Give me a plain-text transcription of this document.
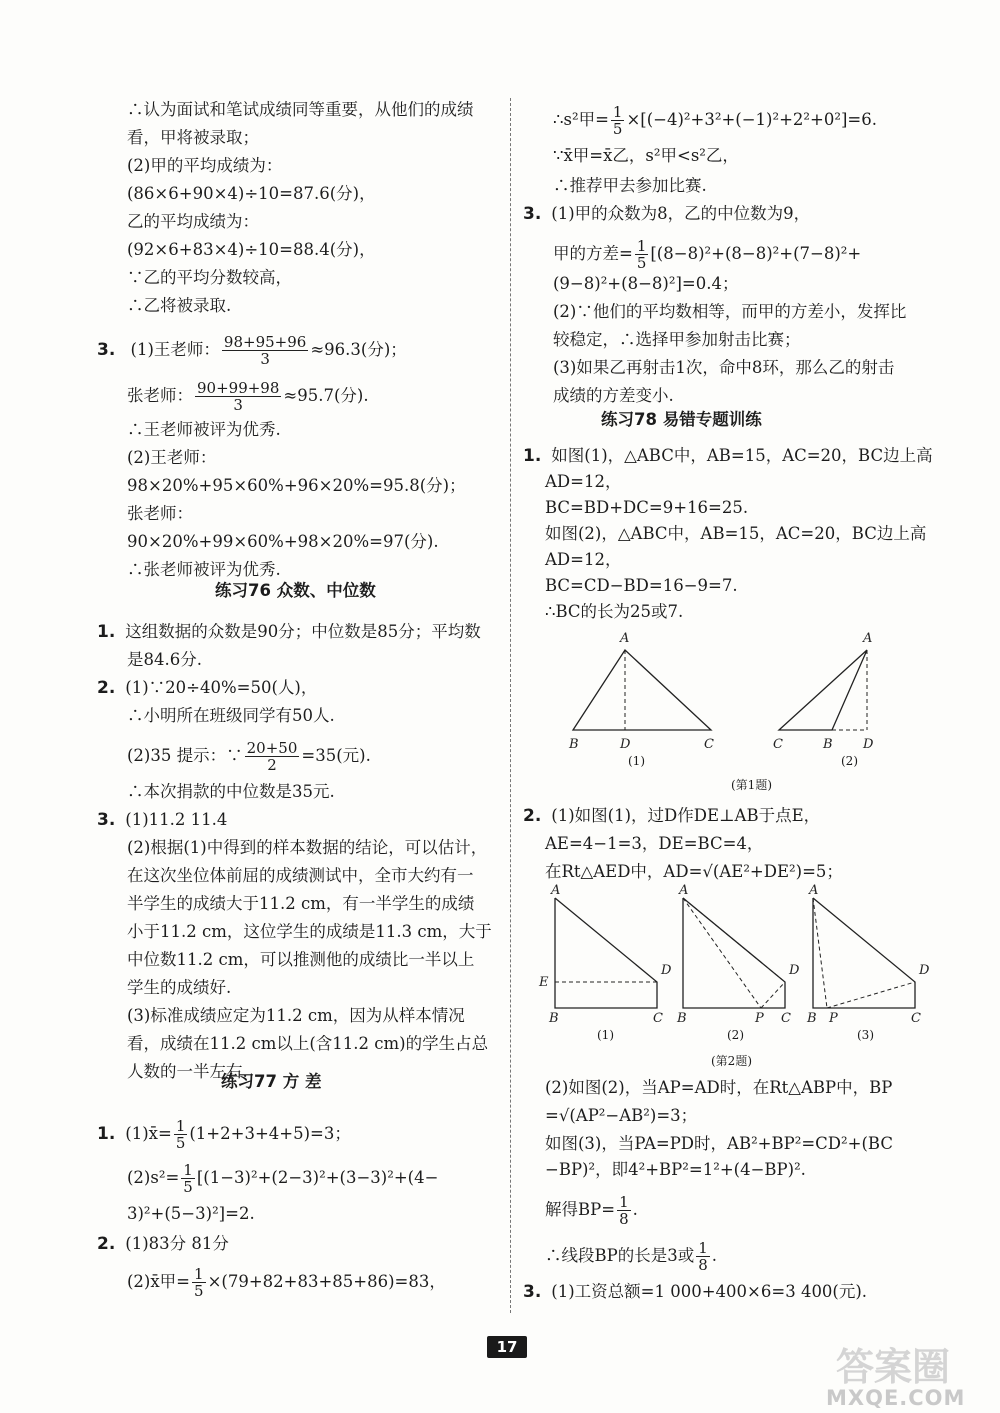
∴认为面试和笔试成绩同等重要，从他们的成绩
看，甲将被录取；
(2)甲的平均成绩为：
(86×6+90×4)÷10=87.6(分)，
乙的平均成绩为：
(92×6+83×4)÷10=88.4(分)，
∵乙的平均分数较高，
∴乙将被录取.
3. (1)王老师： $\frac{98+95+96}{3} \approx 96.3$(分)；
张老师： $\frac{90+99+98}{3} \approx 95.7$(分).
∴王老师被评为优秀.
(2)王老师：
98×20%+95×60%+96×20%=95.8(分)；
张老师：
90×20%+99×60%+98×20%=97(分).
∴张老师被评为优秀.
练习76 众数、中位数
1. 这组数据的众数是90分；中位数是85分；平均数
是84.6分.
2. (1)∵20÷40%=50(人)，
∴小明所在班级同学有50人.
(2)35 提示：∵ $\frac{20+50}{2} =35$(元).
∴本次捐款的中位数是35元.
3. (1)11.2 11.4
(2)根据(1)中得到的样本数据的结论，可以估计，
在这次坐位体前屈的成绩测试中，全市大约有一
半学生的成绩大于11.2 cm，有一半学生的成绩
小于11.2 cm，这位学生的成绩是11.3 cm，大于
中位数11.2 cm，可以推测他的成绩比一半以上
学生的成绩好.
(3)标准成绩应定为11.2 cm，因为从样本情况
看，成绩在11.2 cm以上(含11.2 cm)的学生占总
人数的一半左右.
练习77 方 差
1. (1)x̄= $\frac{1}{5} (1+2+3+4+5)=3$；
$(2)s^2= \frac{1}{5} [(1-3)^2+(2-3)^2+(3-3)^2+(4-$
3)²+(5−3)²]=2.
2. (1)83分 81分
(2)x̄甲= $\frac{1}{5} \times(79+82+83+85+86)=83$，
∴s²甲= $\frac{1}{5} \times[(-4)^2+3^2+(-1)^2+2^2+0^2]=6$.
∵x̄甲=x̄乙，s²甲<s²乙，
∴推荐甲去参加比赛.
3. (1)甲的众数为8，乙的中位数为9，
甲的方差= $\frac{1}{5} [(8-8)^2+(8-8)^2+(7-8)^2+$
(9−8)²+(8−8)²]=0.4；
(2)∵他们的平均数相等，而甲的方差小，发挥比
较稳定，∴选择甲参加射击比赛；
(3)如果乙再射击1次，命中8环，那么乙的射击
成绩的方差变小.
练习78 易错专题训练
1. 如图(1)，△ABC中，AB=15，AC=20，BC边上高
AD=12，
BC=BD+DC=9+16=25.
如图(2)，△ABC中，AB=15，AC=20，BC边上高
AD=12，
BC=CD−BD=16−9=7.
∴BC的长为25或7.
A
B	D	C
A
C	B D
(1)	(2)
(第1题)
2. (1)如图(1)，过D作DE⊥AB于点E，
AE=4−1=3，DE=BC=4，
在Rt△AED中，AD=√(AE²+DE²)=5；
A
E
D
B	C
A
D
B	P C
A
D
B P	C
(1)	(2)	(3)
(第2题)
(2)如图(2)，当AP=AD时，在Rt△ABP中，BP
=√(AP²−AB²)=3；
如图(3)，当PA=PD时，AB²+BP²=CD²+(BC
−BP)²，即4²+BP²=1²+(4−BP)².
解得$BP= \frac{1}{8}$ .
∴线段BP的长是3或 $\frac{1}{8}$ .
3. (1)工资总额=1 000+400×6=3 400(元).
17	答案圈
MXQE.COM
